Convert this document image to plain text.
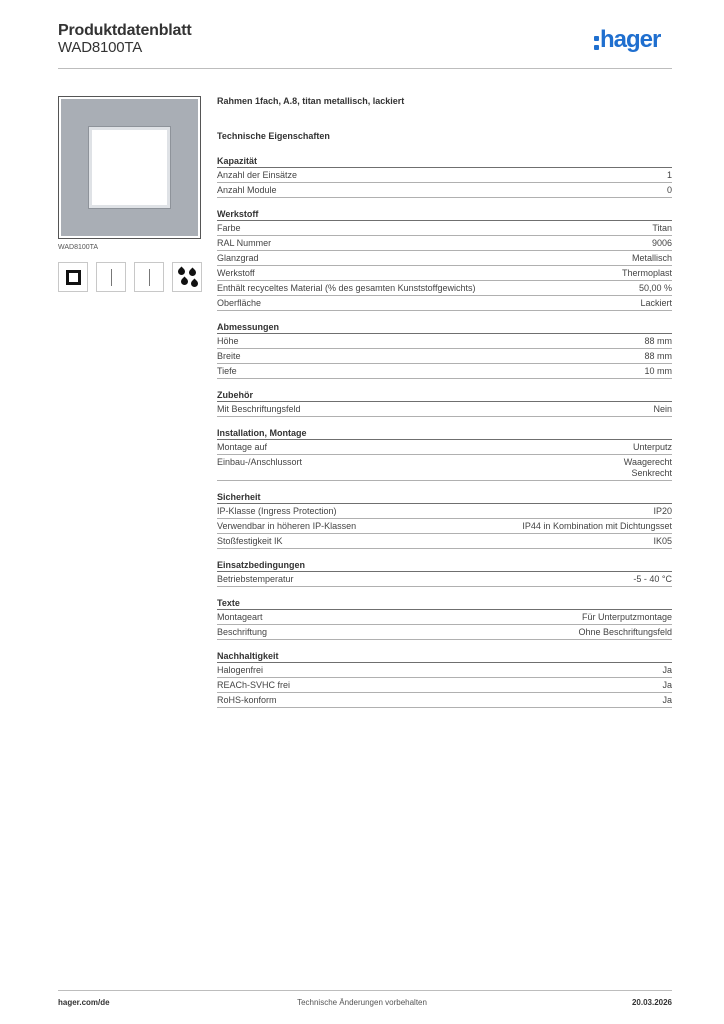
Produktdatenblatt
WAD8100TA	hager
WAD8100TA
Rahmen 1fach, A.8, titan metallisch, lackiert
Technische Eigenschaften
Kapazität
Anzahl der Einsätze	1
Anzahl Module	0
Werkstoff
Farbe	Titan
RAL Nummer	9006
Glanzgrad	Metallisch
Werkstoff	Thermoplast
Enthält recyceltes Material (% des gesamten Kunststoffgewichts)	50,00 %
Oberfläche	Lackiert
Abmessungen
Höhe	88 mm
Breite	88 mm
Tiefe	10 mm
Zubehör
Mit Beschriftungsfeld	Nein
Installation, Montage
Montage auf	Unterputz
Einbau-/Anschlussort	Waagerecht
Senkrecht
Sicherheit
IP-Klasse (Ingress Protection)	IP20
Verwendbar in höheren IP-Klassen	IP44 in Kombination mit Dichtungsset
Stoßfestigkeit IK	IK05
Einsatzbedingungen
Betriebstemperatur	-5 - 40 °C
Texte
Montageart	Für Unterputzmontage
Beschriftung	Ohne Beschriftungsfeld
Nachhaltigkeit
Halogenfrei	Ja
REACh-SVHC frei	Ja
RoHS-konform	Ja
hager.com/de	Technische Änderungen vorbehalten	20.03.2026
